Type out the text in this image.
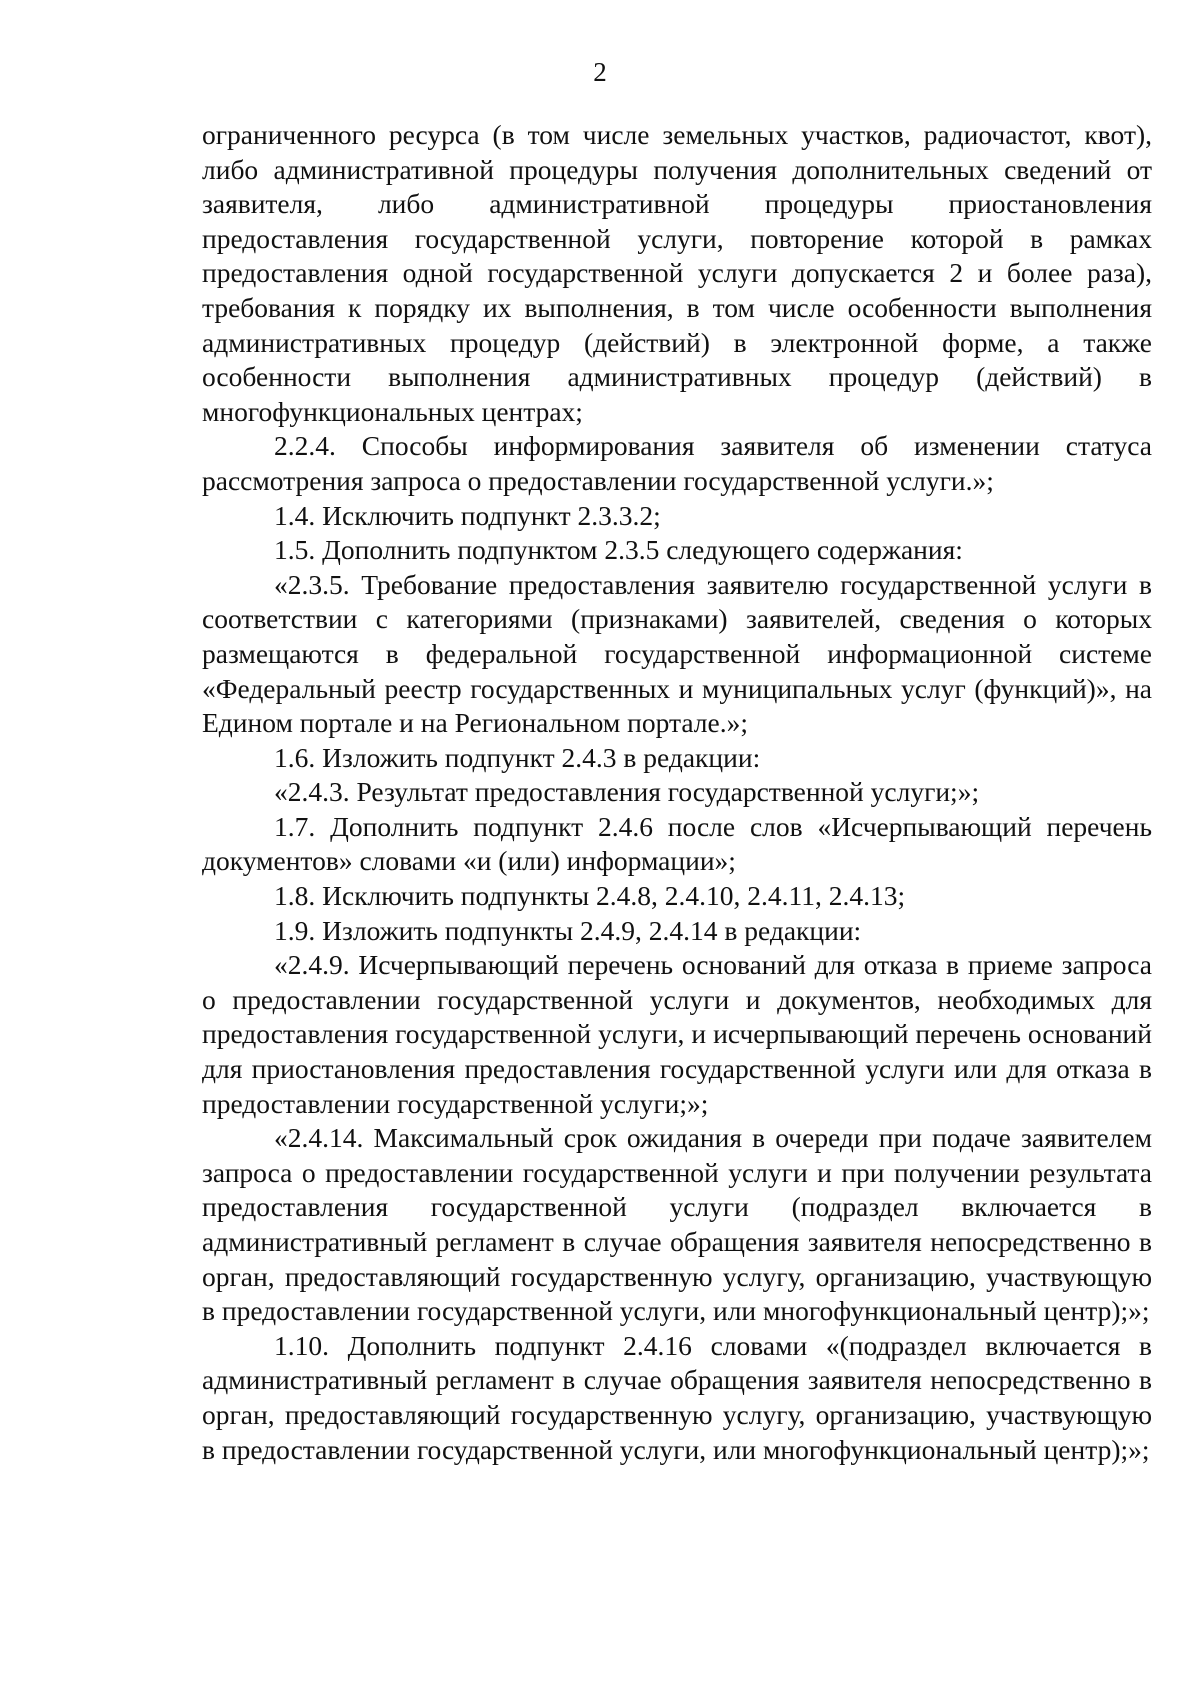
2

ограниченного ресурса (в том числе земельных участков, радиочастот, квот), либо административной процедуры получения дополнительных сведений от заявителя, либо административной процедуры приостановления предоставления государственной услуги, повторение которой в рамках предоставления одной государственной услуги допускается 2 и более раза), требования к порядку их выполнения, в том числе особенности выполнения административных процедур (действий) в электронной форме, а также особенности выполнения административных процедур (действий) в многофункциональных центрах;

2.2.4. Способы информирования заявителя об изменении статуса рассмотрения запроса о предоставлении государственной услуги.»;

1.4. Исключить подпункт 2.3.3.2;

1.5. Дополнить подпунктом 2.3.5 следующего содержания:

«2.3.5. Требование предоставления заявителю государственной услуги в соответствии с категориями (признаками) заявителей, сведения о которых размещаются в федеральной государственной информационной системе «Федеральный реестр государственных и муниципальных услуг (функций)», на Едином портале и на Региональном портале.»;

1.6. Изложить подпункт 2.4.3 в редакции:

«2.4.3. Результат предоставления государственной услуги;»;

1.7. Дополнить подпункт 2.4.6 после слов «Исчерпывающий перечень документов» словами «и (или) информации»;

1.8. Исключить подпункты 2.4.8, 2.4.10, 2.4.11, 2.4.13;

1.9. Изложить подпункты 2.4.9, 2.4.14 в редакции:

«2.4.9. Исчерпывающий перечень оснований для отказа в приеме запроса о предоставлении государственной услуги и документов, необходимых для предоставления государственной услуги, и исчерпывающий перечень оснований для приостановления предоставления государственной услуги или для отказа в предоставлении государственной услуги;»;

«2.4.14. Максимальный срок ожидания в очереди при подаче заявителем запроса о предоставлении государственной услуги и при получении результата предоставления государственной услуги (подраздел включается в административный регламент в случае обращения заявителя непосредственно в орган, предоставляющий государственную услугу, организацию, участвующую в предоставлении государственной услуги, или многофункциональный центр);»;

1.10. Дополнить подпункт 2.4.16 словами «(подраздел включается в административный регламент в случае обращения заявителя непосредственно в орган, предоставляющий государственную услугу, организацию, участвующую в предоставлении государственной услуги, или многофункциональный центр);»;
